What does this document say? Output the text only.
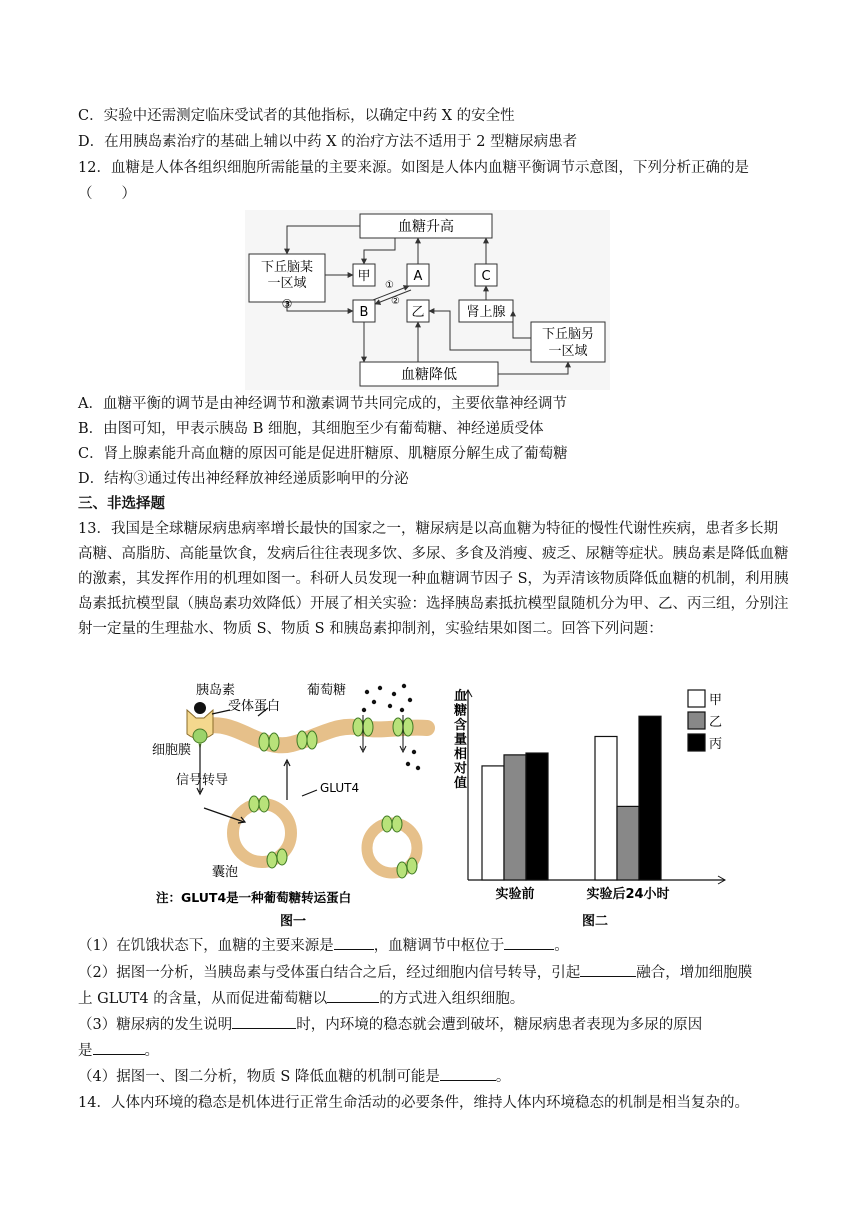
C．实验中还需测定临床受试者的其他指标，以确定中药 X 的安全性
D．在用胰岛素治疗的基础上辅以中药 X 的治疗方法不适用于 2 型糖尿病患者
12．血糖是人体各组织细胞所需能量的主要来源。如图是人体内血糖平衡调节示意图，下列分析正确的是
（　　）
血糖升高
下丘脑某
一区域
③
甲
B
A
乙
C
肾上腺
下丘脑另
一区域
血糖降低
①
②
A．血糖平衡的调节是由神经调节和激素调节共同完成的，主要依靠神经调节
B．由图可知，甲表示胰岛 B 细胞，其细胞至少有葡萄糖、神经递质受体
C．肾上腺素能升高血糖的原因可能是促进肝糖原、肌糖原分解生成了葡萄糖
D．结构③通过传出神经释放神经递质影响甲的分泌
三、非选择题
13．我国是全球糖尿病患病率增长最快的国家之一，糖尿病是以高血糖为特征的慢性代谢性疾病，患者多长期高糖、高脂肪、高能量饮食，发病后往往表现多饮、多尿、多食及消瘦、疲乏、尿糖等症状。胰岛素是降低血糖的激素，其发挥作用的机理如图一。科研人员发现一种血糖调节因子 S，为弄清该物质降低血糖的机制，利用胰岛素抵抗模型鼠（胰岛素功效降低）开展了相关实验：选择胰岛素抵抗模型鼠随机分为甲、乙、丙三组，分别注射一定量的生理盐水、物质 S、物质 S 和胰岛素抑制剂，实验结果如图二。回答下列问题：
胰岛素
受体蛋白
葡萄糖
细胞膜
信号转导	GLUT4
囊泡
注：GLUT4是一种葡萄糖转运蛋白
图一
血糖含量相对值
实验前	实验后24小时
甲
乙
丙
图二
（1）在饥饿状态下，血糖的主要来源是	，血糖调节中枢位于	。
（2）据图一分析，当胰岛素与受体蛋白结合之后，经过细胞内信号转导，引起	融合，增加细胞膜
上 GLUT4 的含量，从而促进葡萄糖以	的方式进入组织细胞。
（3）糖尿病的发生说明	时，内环境的稳态就会遭到破坏，糖尿病患者表现为多尿的原因
是	。
（4）据图一、图二分析，物质 S 降低血糖的机制可能是	。
14．人体内环境的稳态是机体进行正常生命活动的必要条件，维持人体内环境稳态的机制是相当复杂的。
